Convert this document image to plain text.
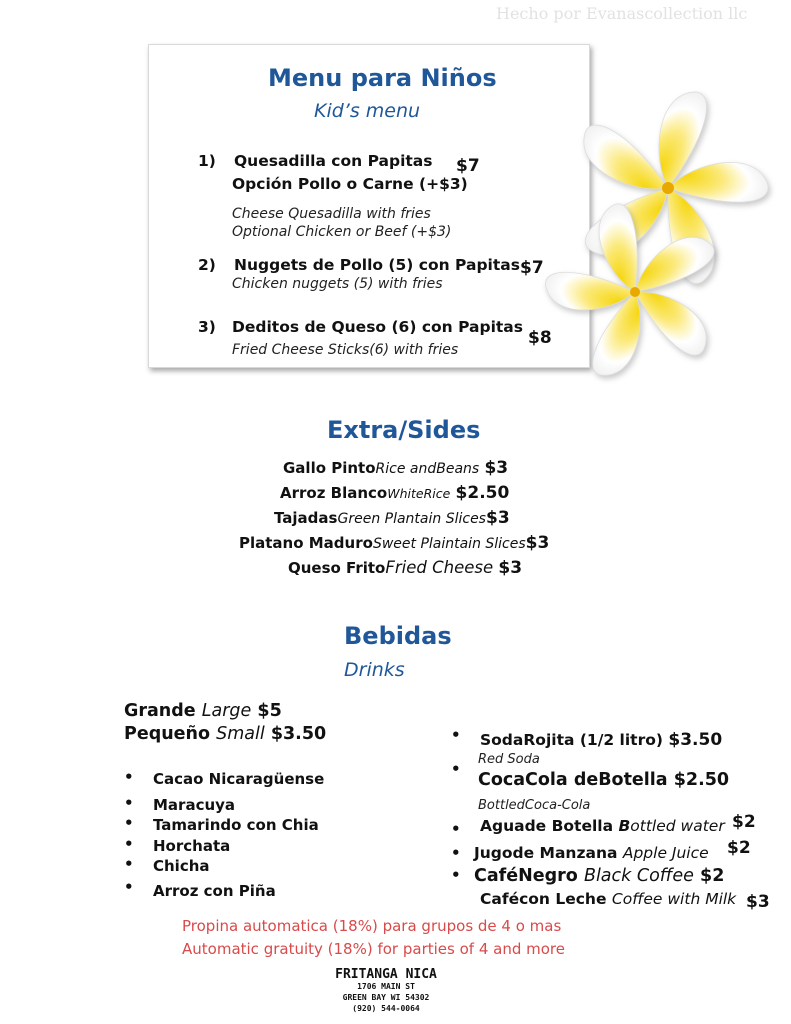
Hecho por Evanascollection llc
Menu para Niños
Kid’s menu
1) Quesadilla con Papitas
Opción Pollo o Carne (+$3)
$7
Cheese Quesadilla with fries
Optional Chicken or Beef (+$3)
2) Nuggets de Pollo (5) con Papitas $7
Chicken nuggets (5) with fries
3) Deditos de Queso (6) con Papitas
$8
Fried Cheese Sticks(6) with fries
Extra/Sides
Gallo PintoRice andBeans $3
Arroz BlancoWhiteRice $2.50
TajadasGreen Plantain Slices$3
Platano MaduroSweet Plaintain Slices$3
Queso FritoFried Cheese $3
Bebidas
Drinks
Grande Large $5
Pequeño Small $3.50
• Cacao Nicaragüense
• Maracuya
• Tamarindo con Chia
• Horchata
• Chicha
• Arroz con Piña
• SodaRojita (1/2 litro) $3.50
Red Soda
•
CocaCola deBotella $2.50
BottledCoca-Cola
• Aguade Botella Bottled water $2
• Jugode Manzana Apple Juice $2
• CaféNegro Black Coffee $2
Cafécon Leche Coffee with Milk $3
Propina automatica (18%) para grupos de 4 o mas
Automatic gratuity (18%) for parties of 4 and more
FRITANGA NICA
1706 MAIN ST
GREEN BAY WI 54302
(920) 544-0064
